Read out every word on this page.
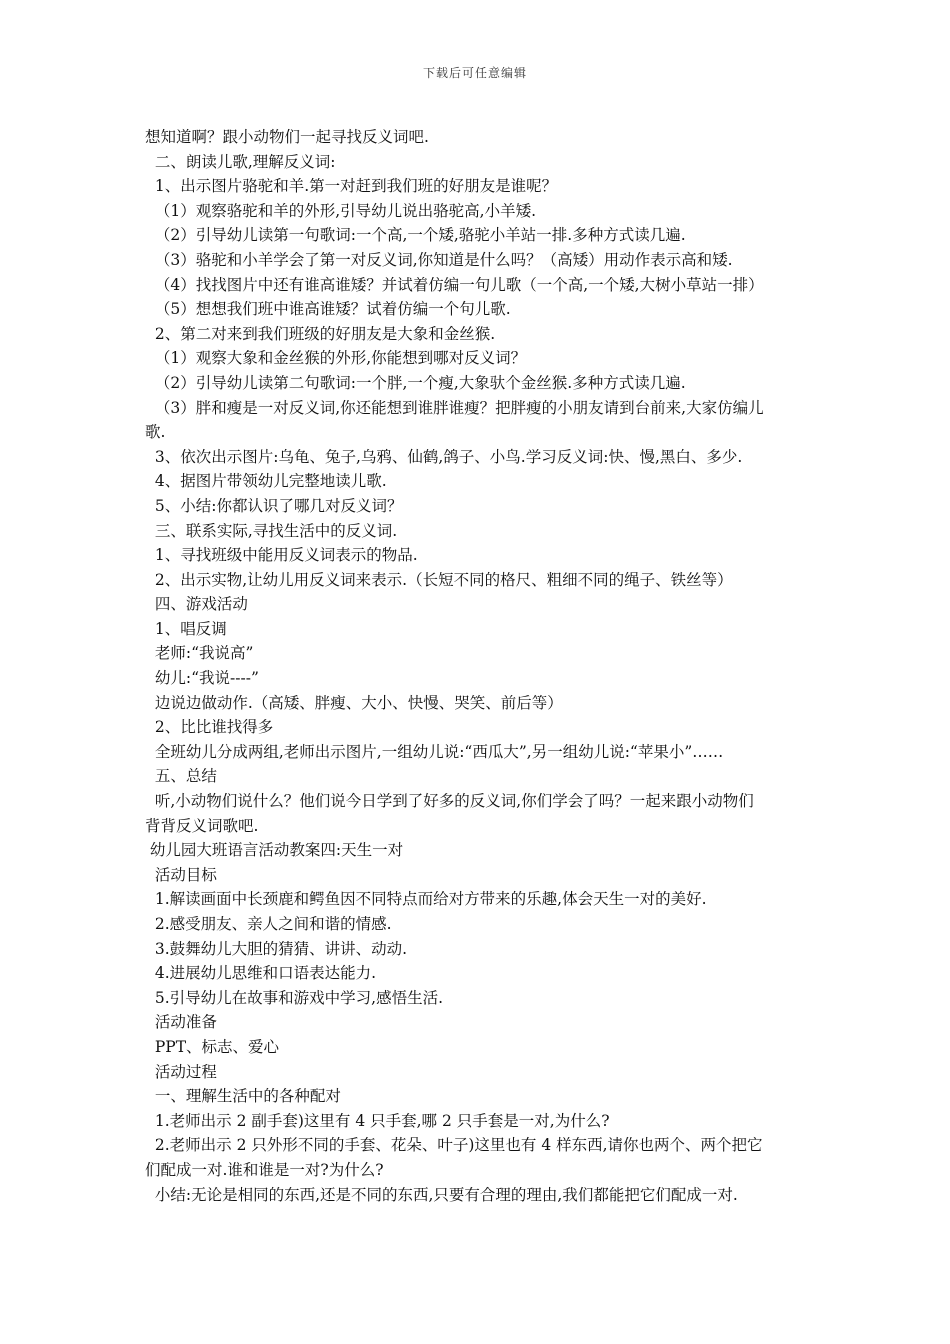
下载后可任意编辑
想知道啊？跟小动物们一起寻找反义词吧.
二、朗读儿歌,理解反义词:
1、出示图片骆驼和羊.第一对赶到我们班的好朋友是谁呢？
（1）观察骆驼和羊的外形,引导幼儿说出骆驼高,小羊矮.
（2）引导幼儿读第一句歌词:一个高,一个矮,骆驼小羊站一排.多种方式读几遍.
（3）骆驼和小羊学会了第一对反义词,你知道是什么吗？（高矮）用动作表示高和矮.
（4）找找图片中还有谁高谁矮？并试着仿编一句儿歌（一个高,一个矮,大树小草站一排）
（5）想想我们班中谁高谁矮？试着仿编一个句儿歌.
2、第二对来到我们班级的好朋友是大象和金丝猴.
（1）观察大象和金丝猴的外形,你能想到哪对反义词？
（2）引导幼儿读第二句歌词:一个胖,一个瘦,大象驮个金丝猴.多种方式读几遍.
（3）胖和瘦是一对反义词,你还能想到谁胖谁瘦？把胖瘦的小朋友请到台前来,大家仿编儿
歌.
3、依次出示图片:乌龟、兔子,乌鸦、仙鹤,鸽子、小鸟.学习反义词:快、慢,黑白、多少.
4、据图片带领幼儿完整地读儿歌.
5、小结:你都认识了哪几对反义词？
三、联系实际,寻找生活中的反义词.
1、寻找班级中能用反义词表示的物品.
2、出示实物,让幼儿用反义词来表示.（长短不同的格尺、粗细不同的绳子、铁丝等）
四、游戏活动
1、唱反调
老师:“我说高”
幼儿:“我说----”
边说边做动作.（高矮、胖瘦、大小、快慢、哭笑、前后等）
2、比比谁找得多
全班幼儿分成两组,老师出示图片,一组幼儿说:“西瓜大”,另一组幼儿说:“苹果小”……
五、总结
听,小动物们说什么？他们说今日学到了好多的反义词,你们学会了吗？一起来跟小动物们
背背反义词歌吧.
幼儿园大班语言活动教案四:天生一对
活动目标
1.解读画面中长颈鹿和鳄鱼因不同特点而给对方带来的乐趣,体会天生一对的美好.
2.感受朋友、亲人之间和谐的情感.
3.鼓舞幼儿大胆的猜猜、讲讲、动动.
4.进展幼儿思维和口语表达能力.
5.引导幼儿在故事和游戏中学习,感悟生活.
活动准备
PPT、标志、爱心
活动过程
一、理解生活中的各种配对
1.老师出示 2 副手套)这里有 4 只手套,哪 2 只手套是一对,为什么?
2.老师出示 2 只外形不同的手套、花朵、叶子)这里也有 4 样东西,请你也两个、两个把它
们配成一对.谁和谁是一对?为什么?
小结:无论是相同的东西,还是不同的东西,只要有合理的理由,我们都能把它们配成一对.
